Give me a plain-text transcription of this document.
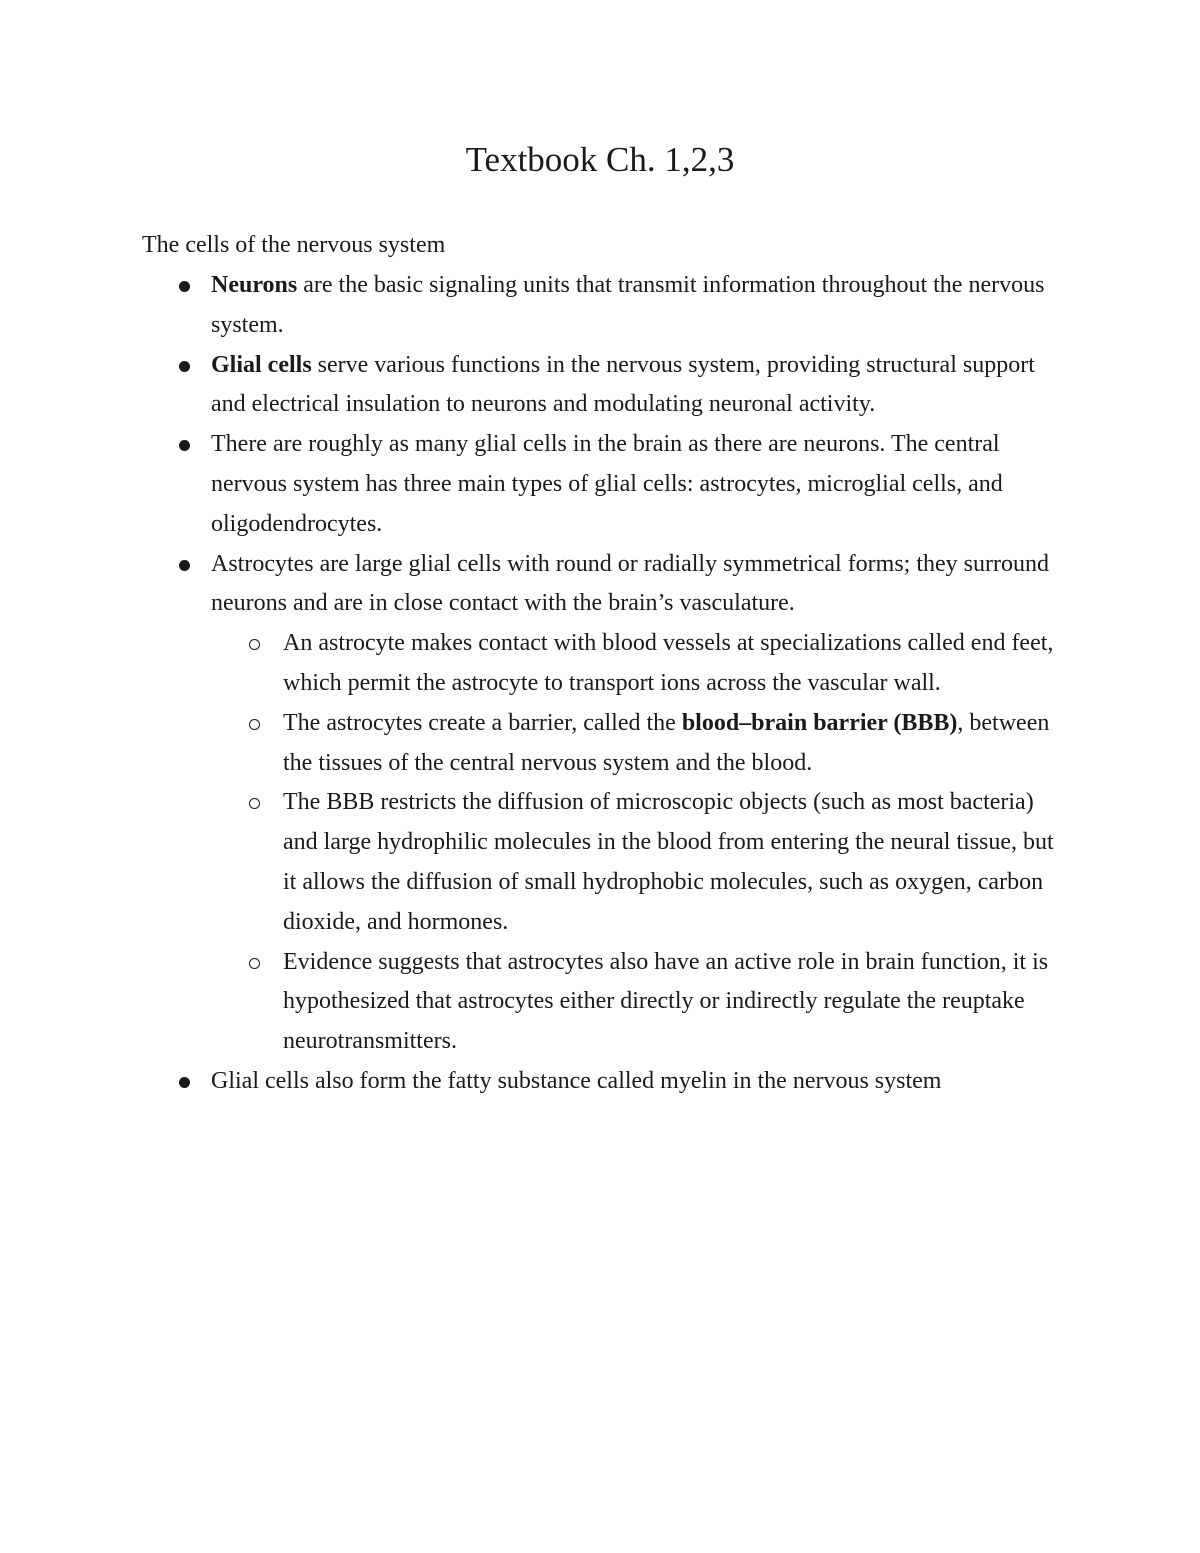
Textbook Ch. 1,2,3

The cells of the nervous system

Neurons are the basic signaling units that transmit information throughout the nervous system.
Glial cells serve various functions in the nervous system, providing structural support and electrical insulation to neurons and modulating neuronal activity.
There are roughly as many glial cells in the brain as there are neurons. The central nervous system has three main types of glial cells: astrocytes, microglial cells, and oligodendrocytes.
Astrocytes are large glial cells with round or radially symmetrical forms; they surround neurons and are in close contact with the brain’s vasculature.
An astrocyte makes contact with blood vessels at specializations called end feet, which permit the astrocyte to transport ions across the vascular wall.
The astrocytes create a barrier, called the blood–brain barrier (BBB), between the tissues of the central nervous system and the blood.
The BBB restricts the diffusion of microscopic objects (such as most bacteria) and large hydrophilic molecules in the blood from entering the neural tissue, but it allows the diffusion of small hydrophobic molecules, such as oxygen, carbon dioxide, and hormones.
Evidence suggests that astrocytes also have an active role in brain function, it is hypothesized that astrocytes either directly or indirectly regulate the reuptake neurotransmitters.
Glial cells also form the fatty substance called myelin in the nervous system
